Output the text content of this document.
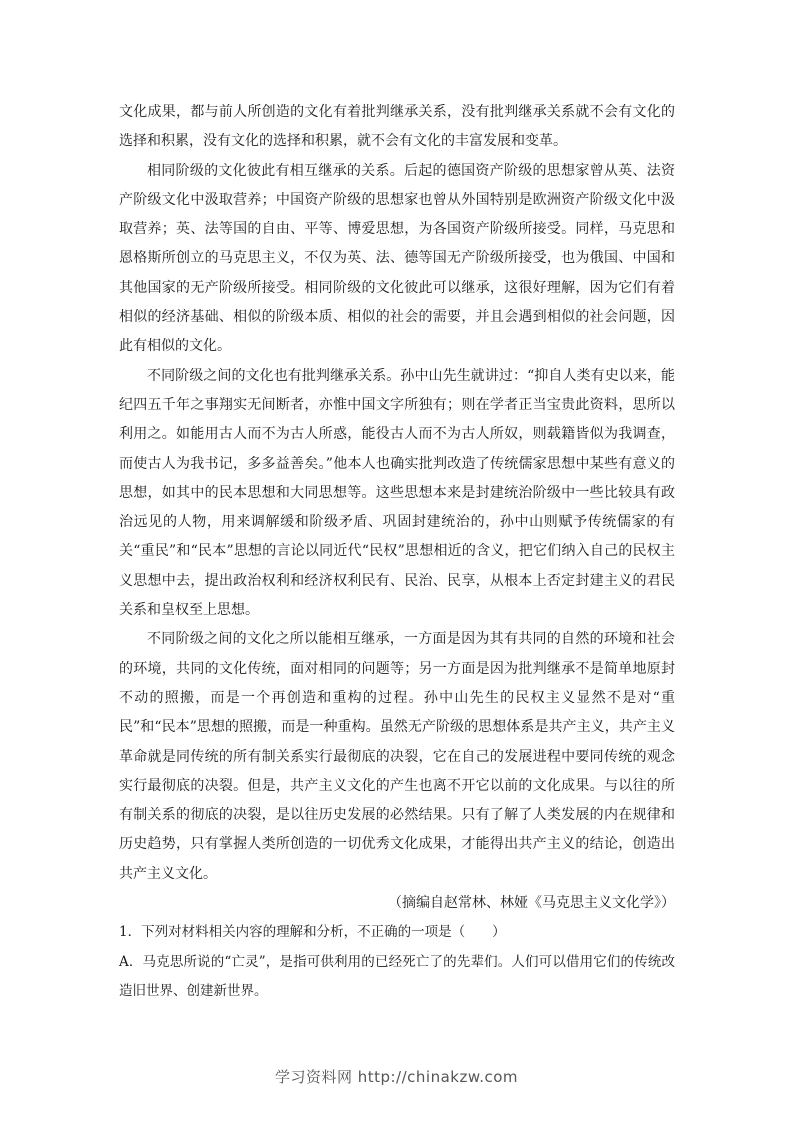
文化成果，都与前人所创造的文化有着批判继承关系，没有批判继承关系就不会有文化的选择和积累，没有文化的选择和积累，就不会有文化的丰富发展和变革。

相同阶级的文化彼此有相互继承的关系。后起的德国资产阶级的思想家曾从英、法资产阶级文化中汲取营养；中国资产阶级的思想家也曾从外国特别是欧洲资产阶级文化中汲取营养；英、法等国的自由、平等、博爱思想，为各国资产阶级所接受。同样，马克思和恩格斯所创立的马克思主义，不仅为英、法、德等国无产阶级所接受，也为俄国、中国和其他国家的无产阶级所接受。相同阶级的文化彼此可以继承，这很好理解，因为它们有着相似的经济基础、相似的阶级本质、相似的社会的需要，并且会遇到相似的社会问题，因此有相似的文化。

不同阶级之间的文化也有批判继承关系。孙中山先生就讲过：“抑自人类有史以来，能纪四五千年之事翔实无间断者，亦惟中国文字所独有；则在学者正当宝贵此资料，思所以利用之。如能用古人而不为古人所惑，能役古人而不为古人所奴，则载籍皆似为我调查，而使古人为我书记，多多益善矣。”他本人也确实批判改造了传统儒家思想中某些有意义的思想，如其中的民本思想和大同思想等。这些思想本来是封建统治阶级中一些比较具有政治远见的人物，用来调解缓和阶级矛盾、巩固封建统治的，孙中山则赋予传统儒家的有关“重民”和“民本”思想的言论以同近代“民权”思想相近的含义，把它们纳入自己的民权主义思想中去，提出政治权利和经济权利民有、民治、民享，从根本上否定封建主义的君民关系和皇权至上思想。

不同阶级之间的文化之所以能相互继承，一方面是因为其有共同的自然的环境和社会的环境，共同的文化传统，面对相同的问题等；另一方面是因为批判继承不是简单地原封不动的照搬，而是一个再创造和重构的过程。孙中山先生的民权主义显然不是对“重民”和“民本”思想的照搬，而是一种重构。虽然无产阶级的思想体系是共产主义，共产主义革命就是同传统的所有制关系实行最彻底的决裂，它在自己的发展进程中要同传统的观念实行最彻底的决裂。但是，共产主义文化的产生也离不开它以前的文化成果。与以往的所有制关系的彻底的决裂，是以往历史发展的必然结果。只有了解了人类发展的内在规律和历史趋势，只有掌握人类所创造的一切优秀文化成果，才能得出共产主义的结论，创造出共产主义文化。

（摘编自赵常林、林娅《马克思主义文化学》）

1．下列对材料相关内容的理解和分析，不正确的一项是（　　）

A．马克思所说的“亡灵”，是指可供利用的已经死亡了的先辈们。人们可以借用它们的传统改造旧世界、创建新世界。

学习资料网 http://chinakzw.com
